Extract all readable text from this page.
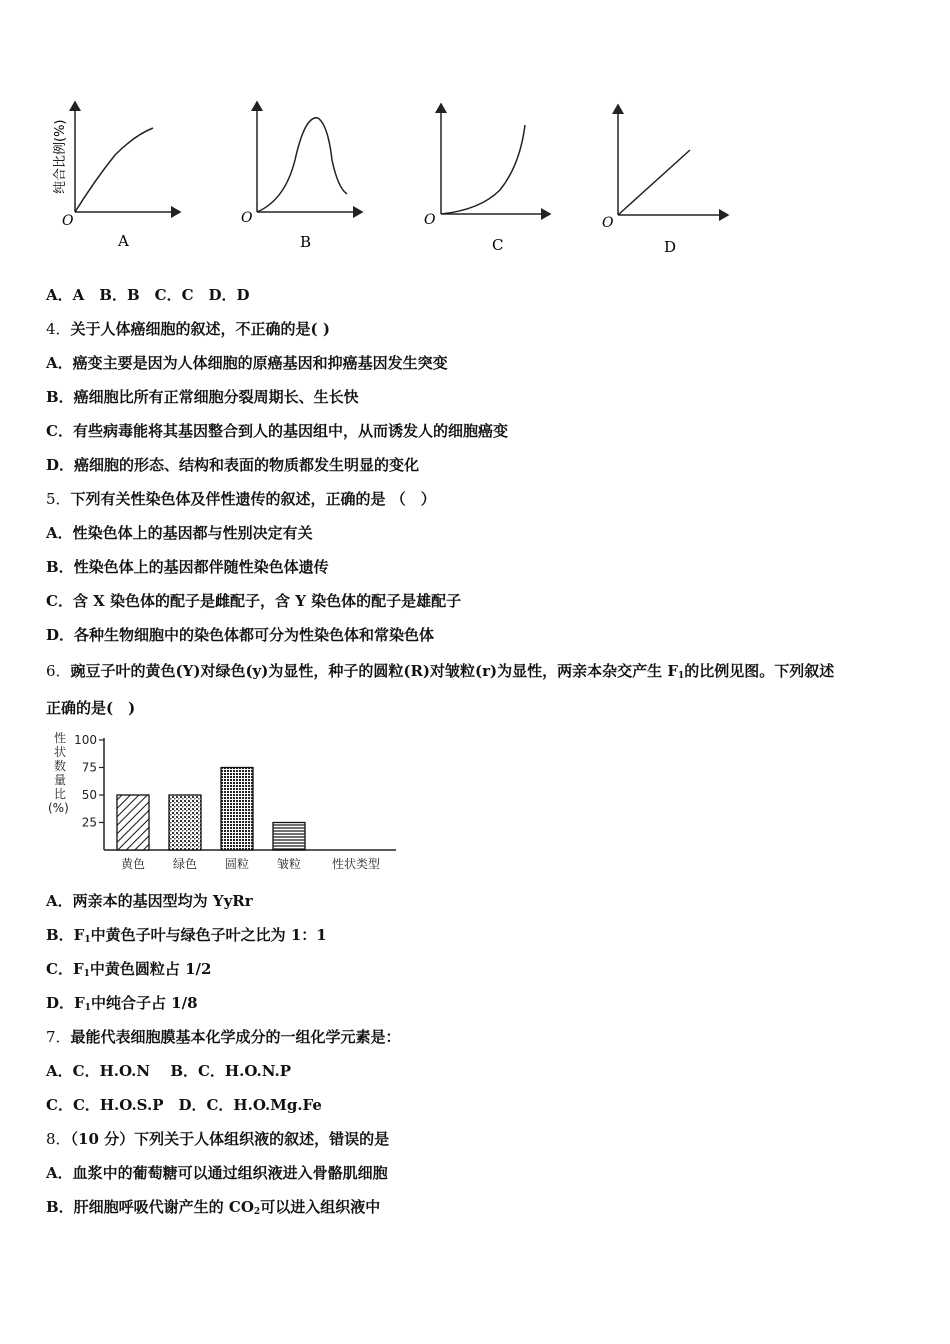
纯合比例(%)
O
A
O
B
O
C
O
D
A．A　B．B　C．C　D．D
4．关于人体癌细胞的叙述，不正确的是( )
A．癌变主要是因为人体细胞的原癌基因和抑癌基因发生突变
B．癌细胞比所有正常细胞分裂周期长、生长快
C．有些病毒能将其基因整合到人的基因组中，从而诱发人的细胞癌变
D．癌细胞的形态、结构和表面的物质都发生明显的变化
5．下列有关性染色体及伴性遗传的叙述，正确的是 （　）
A．性染色体上的基因都与性别决定有关
B．性染色体上的基因都伴随性染色体遗传
C．含 X 染色体的配子是雌配子，含 Y 染色体的配子是雄配子
D．各种生物细胞中的染色体都可分为性染色体和常染色体
6．豌豆子叶的黄色(Y)对绿色(y)为显性，种子的圆粒(R)对皱粒(r)为显性，两亲本杂交产生 $F_1$的比例见图。下列叙述
正确的是(　)
性状数量比(%)
25
50
75
100
黄色 绿色 圆粒 皱粒	性状类型
A．两亲本的基因型均为 YyRr
B．$F_1$中黄色子叶与绿色子叶之比为 1：1
C．$F_1$中黄色圆粒占 1/2
D．$F_1$中纯合子占 1/8
7．最能代表细胞膜基本化学成分的一组化学元素是：
A．C．H.O.N　 B．C．H.O.N.P
C．C．H.O.S.P　D．C．H.O.Mg.Fe
8．（10 分）下列关于人体组织液的叙述，错误的是
A．血浆中的葡萄糖可以通过组织液进入骨骼肌细胞
B．肝细胞呼吸代谢产生的 $CO_2$可以进入组织液中
